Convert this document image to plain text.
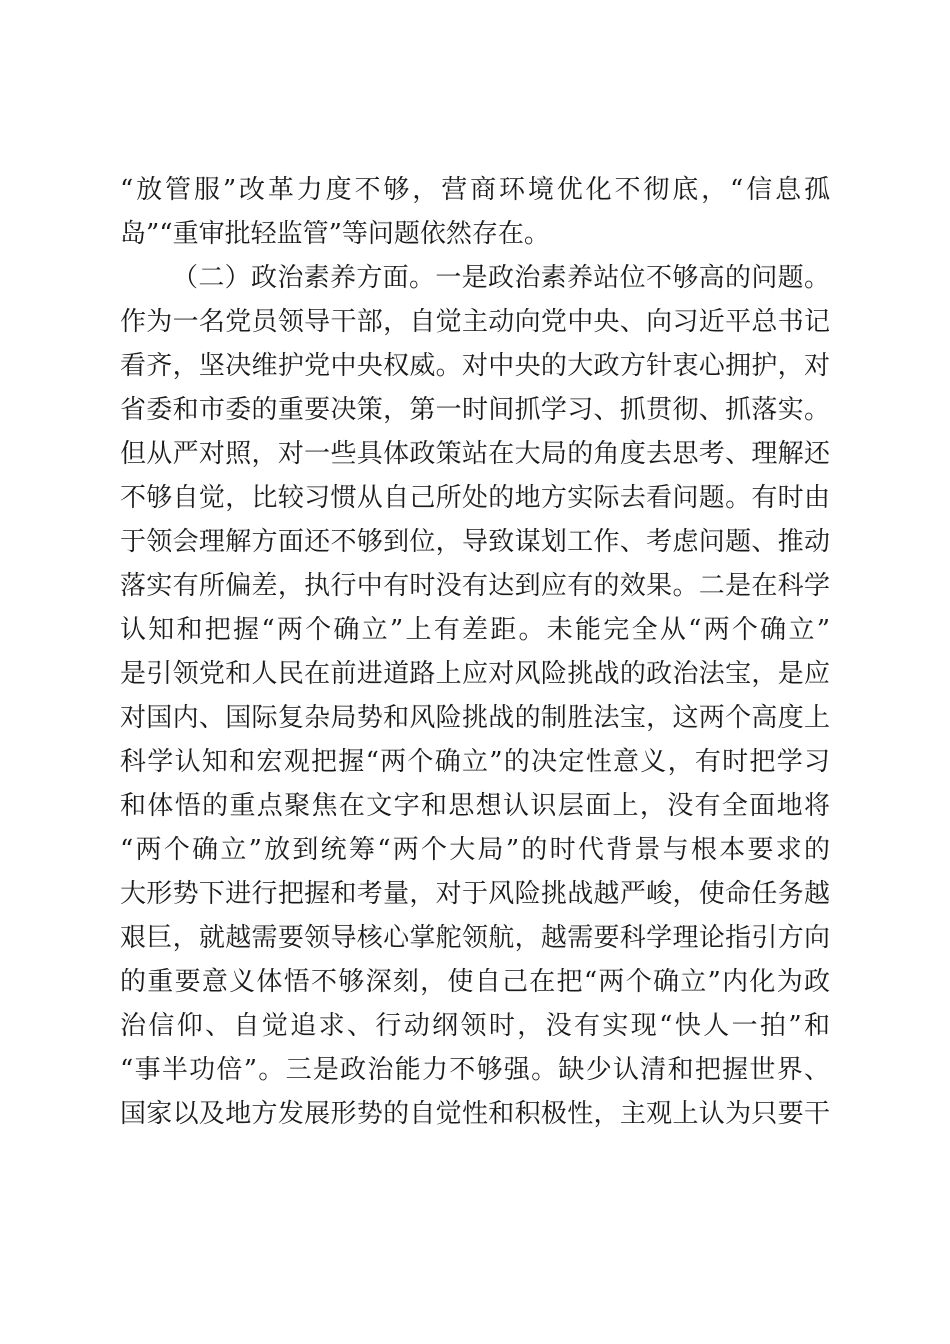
“放管服”改革力度不够，营商环境优化不彻底，“信息孤
岛”“重审批轻监管”等问题依然存在。
（二）政治素养方面。一是政治素养站位不够高的问题。
作为一名党员领导干部，自觉主动向党中央、向习近平总书记
看齐，坚决维护党中央权威。对中央的大政方针衷心拥护，对
省委和市委的重要决策，第一时间抓学习、抓贯彻、抓落实。
但从严对照，对一些具体政策站在大局的角度去思考、理解还
不够自觉，比较习惯从自己所处的地方实际去看问题。有时由
于领会理解方面还不够到位，导致谋划工作、考虑问题、推动
落实有所偏差，执行中有时没有达到应有的效果。二是在科学
认知和把握“两个确立”上有差距。未能完全从“两个确立”
是引领党和人民在前进道路上应对风险挑战的政治法宝，是应
对国内、国际复杂局势和风险挑战的制胜法宝，这两个高度上
科学认知和宏观把握“两个确立”的决定性意义，有时把学习
和体悟的重点聚焦在文字和思想认识层面上，没有全面地将
“两个确立”放到统筹“两个大局”的时代背景与根本要求的
大形势下进行把握和考量，对于风险挑战越严峻，使命任务越
艰巨，就越需要领导核心掌舵领航，越需要科学理论指引方向
的重要意义体悟不够深刻，使自己在把“两个确立”内化为政
治信仰、自觉追求、行动纲领时，没有实现“快人一拍”和
“事半功倍”。三是政治能力不够强。缺少认清和把握世界、
国家以及地方发展形势的自觉性和积极性，主观上认为只要干
